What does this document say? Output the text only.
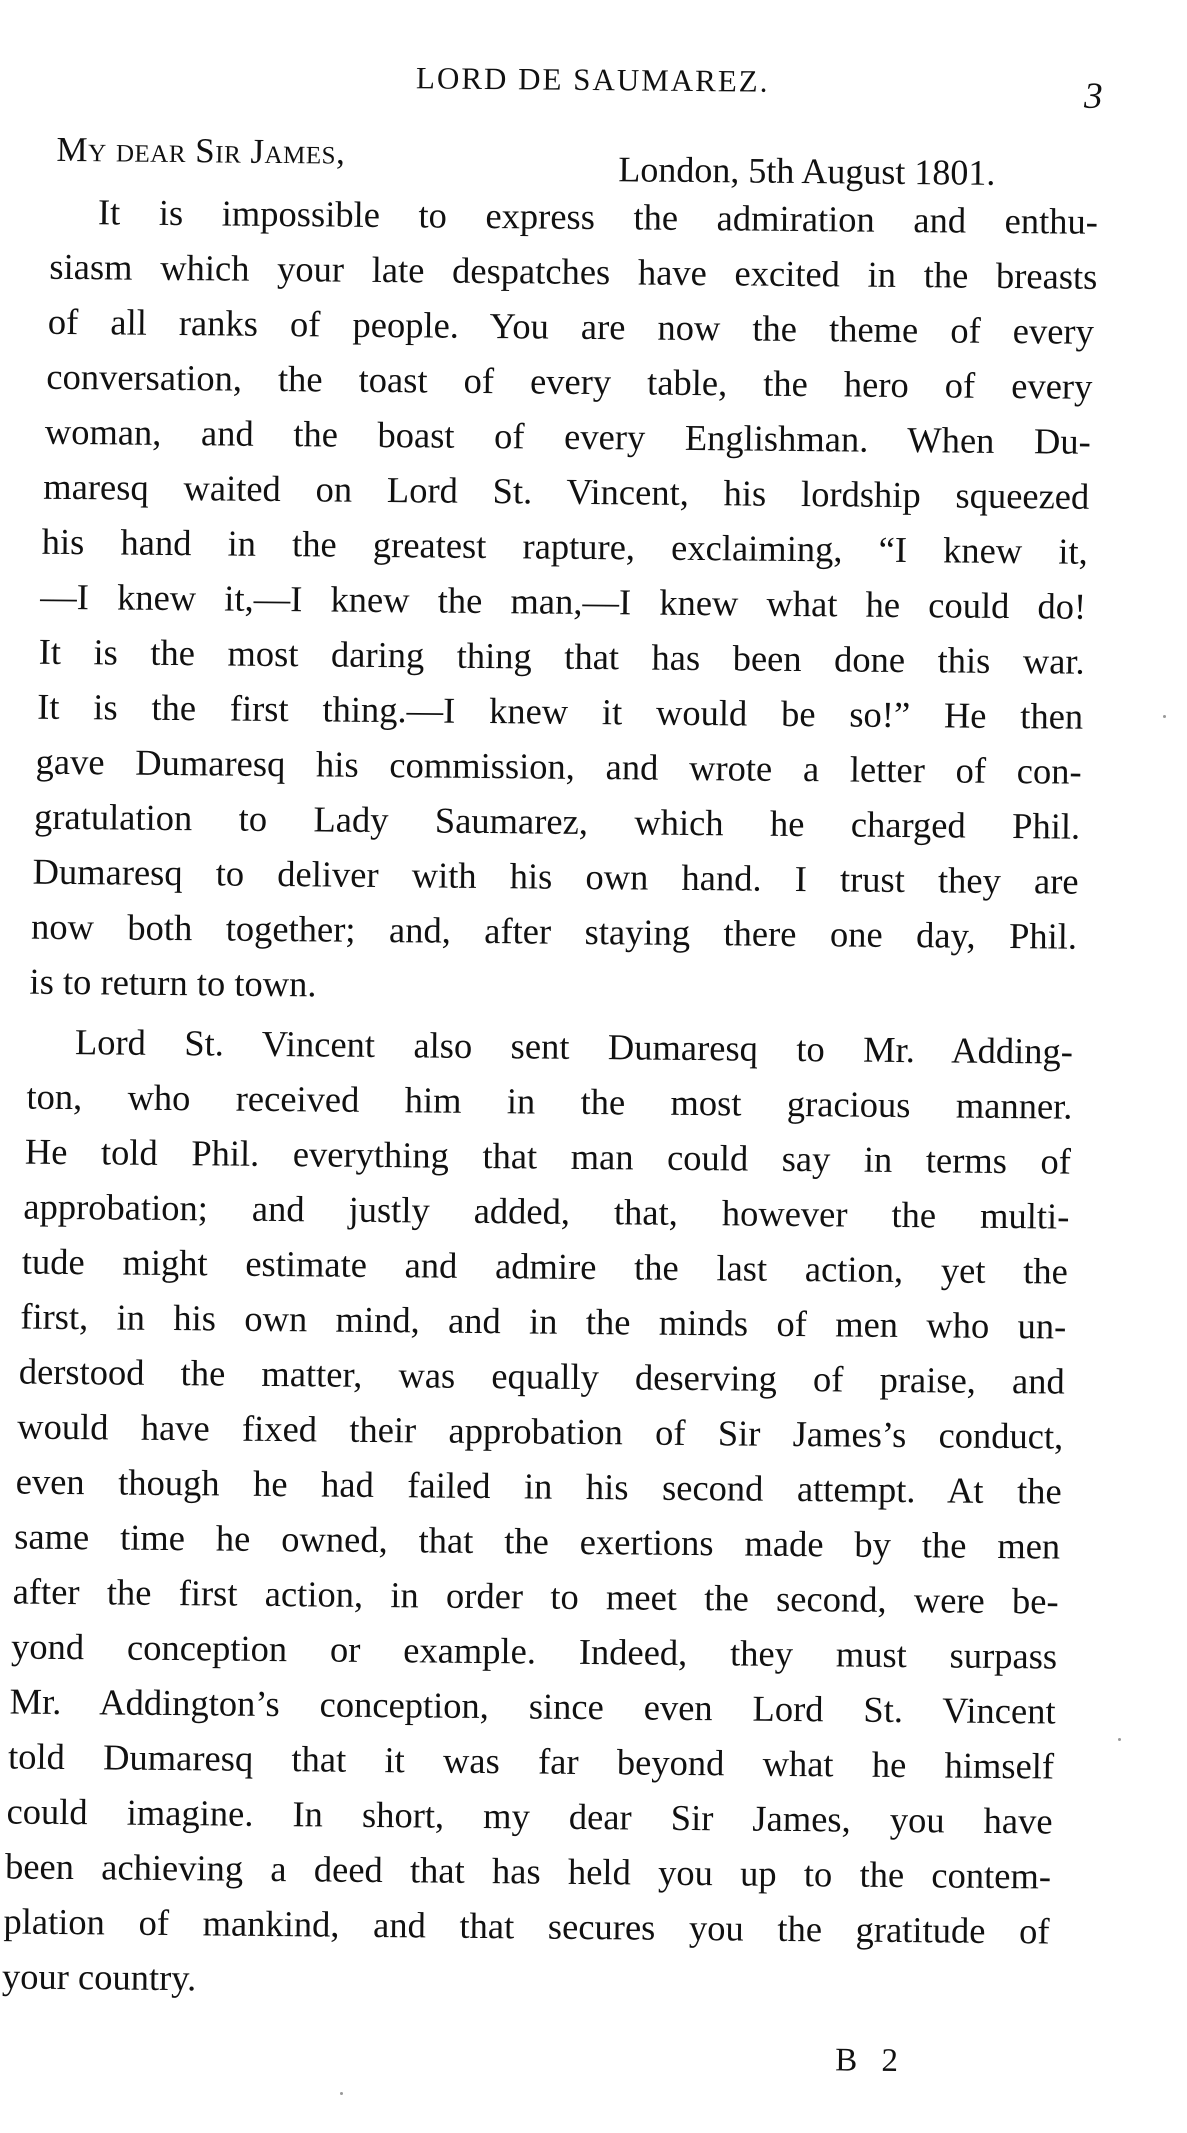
LORD DE SAUMAREZ.	3
My dear Sir James,	London, 5th August 1801.
It is impossible to express the admiration and enthu-
siasm which your late despatches have excited in the breasts
of all ranks of people. You are now the theme of every
conversation, the toast of every table, the hero of every
woman, and the boast of every Englishman. When Du-
maresq waited on Lord St. Vincent, his lordship squeezed
his hand in the greatest rapture, exclaiming, “I knew it,
—I knew it,—I knew the man,—I knew what he could do!
It is the most daring thing that has been done this war.
It is the first thing.—I knew it would be so!” He then
gave Dumaresq his commission, and wrote a letter of con-
gratulation to Lady Saumarez, which he charged Phil.
Dumaresq to deliver with his own hand. I trust they are
now both together; and, after staying there one day, Phil.
is to return to town.
Lord St. Vincent also sent Dumaresq to Mr. Adding-
ton, who received him in the most gracious manner.
He told Phil. everything that man could say in terms of
approbation; and justly added, that, however the multi-
tude might estimate and admire the last action, yet the
first, in his own mind, and in the minds of men who un-
derstood the matter, was equally deserving of praise, and
would have fixed their approbation of Sir James’s conduct,
even though he had failed in his second attempt. At the
same time he owned, that the exertions made by the men
after the first action, in order to meet the second, were be-
yond conception or example. Indeed, they must surpass
Mr. Addington’s conception, since even Lord St. Vincent
told Dumaresq that it was far beyond what he himself
could imagine. In short, my dear Sir James, you have
been achieving a deed that has held you up to the contem-
plation of mankind, and that secures you the gratitude of
your country.
B 2
